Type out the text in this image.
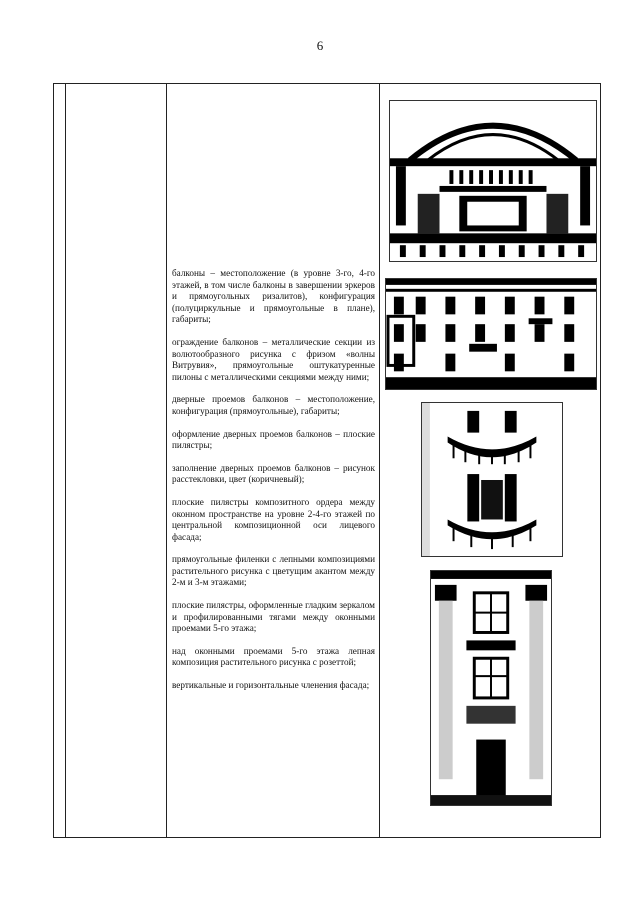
6

балконы – местоположение (в уровне 3-го, 4-го этажей, в том числе балконы в завершении эркеров и прямоугольных ризалитов), конфигурация (полуциркульные и прямоугольные в плане), габариты;

ограждение балконов – металлические секции из волютообразного рисунка с фризом «волны Витрувия», прямоугольные оштукатуренные пилоны с металлическими секциями между ними;

дверные проемов балконов – местоположение, конфигурация (прямоугольные), габариты;

оформление дверных проемов балконов – плоские пилястры;

заполнение дверных проемов балконов – рисунок расстекловки, цвет (коричневый);

плоские пилястры композитного ордера между оконном пространстве на уровне 2-4-го этажей по центральной композиционной оси лицевого фасада;

прямоугольные филенки с лепными композициями растительного рисунка с цветущим акантом между 2-м и 3-м этажами;

плоские пилястры, оформленные гладким зеркалом и профилированными тягами между оконными проемами 5-го этажа;

над оконными проемами 5-го этажа лепная композиция растительного рисунка с розеттой;

вертикальные и горизонтальные членения фасада;
